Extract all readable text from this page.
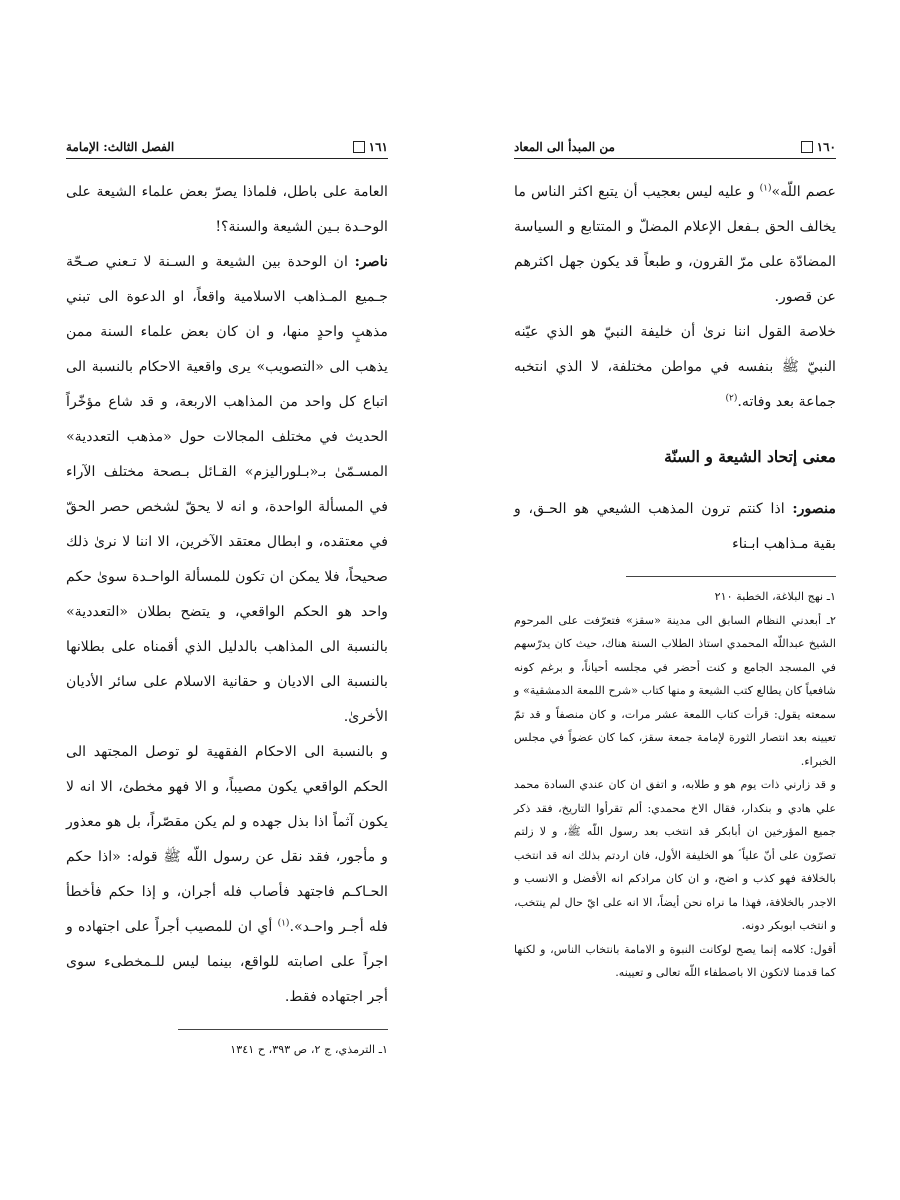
١٦٠
من المبدأ الى المعاد

عصم اللّه»$^{(١)}$ و عليه ليس بعجيب أن يتبع اكثر الناس ما يخالف الحق بـفعل الإعلام المضلّ و المتتابع و السياسة المضادّة على مرّ القرون، و طبعاً قد يكون جهل اكثرهم عن قصور.

خلاصة القول اننا نرىٰ أن خليفة النبيّ هو الذي عيّنه النبيّ ﷺ بنفسه في مواطن مختلفة، لا الذي انتخبه جماعة بعد وفاته.$^{(٢)}$

معنى إتحاد الشيعة و السنّة

منصور: اذا كنتم ترون المذهب الشيعي هو الحـق، و بقية مـذاهب ابـناء

١ـ نهج البلاغة، الخطبة ٢١٠

٢ـ أبعدني النظام السابق الى مدينة «سقز» فتعرّفت على المرحوم الشيخ عبداللّه المحمدي استاذ الطلاب السنة هناك، حيث كان يدرّسهم في المسجد الجامع و كنت أحضر في مجلسه أحياناً، و برغم كونه شافعياً كان يطالع كتب الشيعة و منها كتاب «شرح اللمعة الدمشقية» و سمعته يقول: قرأت كتاب اللمعة عشر مرات، و كان منصفاً و قد تمّ تعيينه بعد انتصار الثورة لإمامة جمعة سقز، كما كان عضواً في مجلس الخبراء.

و قد زارني ذات يوم هو و طلابه، و اتفق ان كان عندي السادة محمد علي هادي و بنكدار، فقال الاخ محمدي: ألم تقرأوا التاريخ، فقد ذكر جميع المؤرخين ان أبابكر قد انتخب بعد رسول اللّه ﷺ، و لا زلتم تصرّون على أنّ علياً ؑ هو الخليفة الأول، فان اردتم بذلك انه قد انتخب بالخلافة فهو كذب و اضح، و ان كان مرادكم انه الأفضل و الانسب و الاجدر بالخلافة، فهذا ما نراه نحن أيضاً، الا انه على ايّ حال لم ينتخب، و انتخب ابوبكر دونه.

أقول: كلامه إنما يصح لوكانت النبوة و الامامة بانتخاب الناس، و لكنها كما قدمنا لاتكون الا باصطفاء اللّه تعالى و تعيينه.

١٦١
الفصل الثالث: الإمامة

العامة على باطل، فلماذا يصرّ بعض علماء الشيعة على الوحـدة بـين الشيعة والسنة؟!

ناصر: ان الوحدة بين الشيعة و السـنة لا تـعني صـحّة جـميع المـذاهب الاسلامية واقعاً، او الدعوة الى تبني مذهبٍ واحدٍ منها، و ان كان بعض علماء السنة ممن يذهب الى «التصويب» يرى واقعية الاحكام بالنسبة الى اتباع كل واحد من المذاهب الاربعة، و قد شاع مؤخّراً الحديث في مختلف المجالات حول «مذهب التعددية» المسـمّىٰ بـ«بـلوراليزم» القـائل بـصحة مختلف الآراء في المسألة الواحدة، و انه لا يحقّ لشخص حصر الحقّ في معتقده، و ابطال معتقد الآخرين، الا اننا لا نرىٰ ذلك صحيحاً، فلا يمكن ان تكون للمسألة الواحـدة سوىٰ حكم واحد هو الحكم الواقعي، و يتضح بطلان «التعددية» بالنسبة الى المذاهب بالدليل الذي أقمناه على بطلانها بالنسبة الى الاديان و حقانية الاسلام على سائر الأديان الأخرىٰ.

و بالنسبة الى الاحكام الفقهية لو توصل المجتهد الى الحكم الواقعي يكون مصيباً، و الا فهو مخطئ، الا انه لا يكون آثماً اذا بذل جهده و لم يكن مقصّراً، بل هو معذور و مأجور، فقد نقل عن رسول اللّه ﷺ قوله: «اذا حكم الحـاكـم فاجتهد فأصاب فله أجران، و إذا حكم فأخطأ فله أجـر واحـد».$^{(١)}$ أي ان للمصيب أجراً على اجتهاده و اجراً على اصابته للواقع، بينما ليس للـمخطىء سوى أجر اجتهاده فقط.

١ـ الترمذي، ج ٢، ص ٣٩٣، ح ١٣٤١
